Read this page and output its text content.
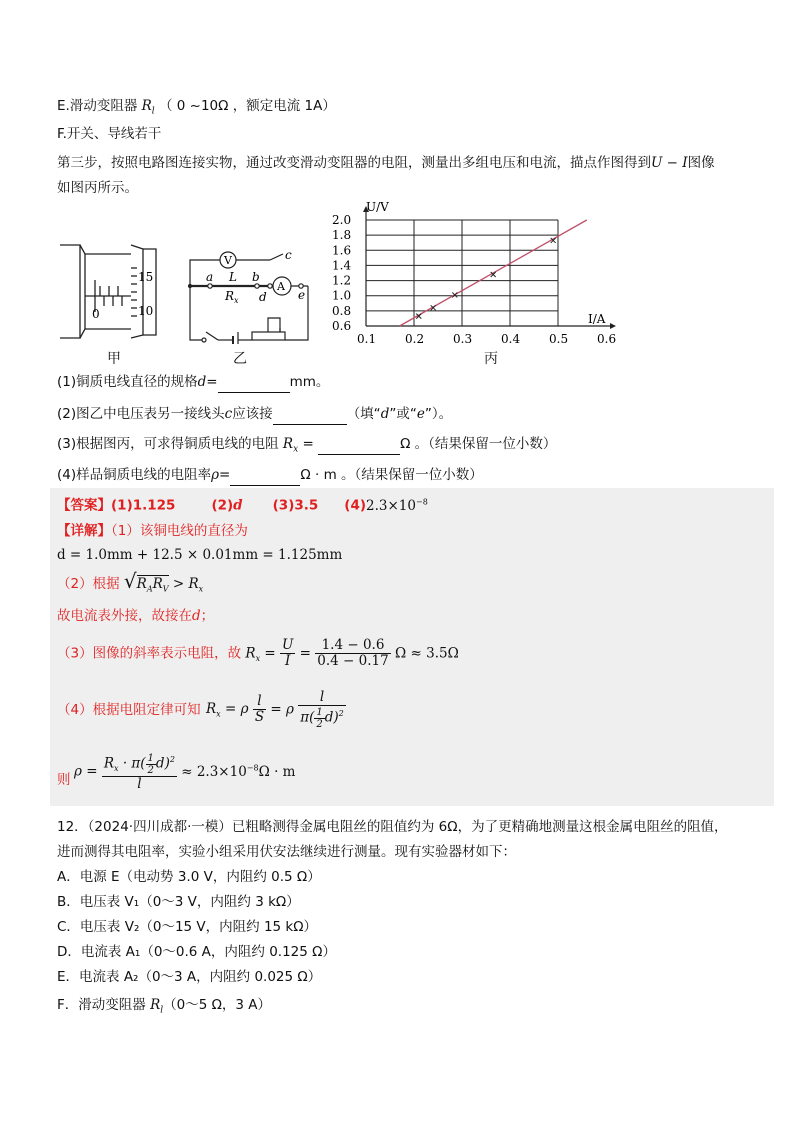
E.滑动变阻器 $R_l$ （ 0 ~10Ω ，额定电流 1A）
F.开关、导线若干
第三步，按照电路图连接实物，通过改变滑动变阻器的电阻，测量出多组电压和电流，描点作图得到U − I图像
如图丙所示。
15
10
0
甲
V
A
c
a L b
$R_x$ d	e
乙
0.1 0.2 0.3 0.4 0.5 0.6
0.6
0.8
1.0
1.2
1.4
1.6
1.8
2.0
U/V
I/A
丙
(1)铜质电线直径的规格d=	mm。
(2)图乙中电压表另一接线头c应该接	（填“d”或“e”）。
(3)根据图丙，可求得铜质电线的电阻 $R_x$ =	Ω 。（结果保留一位小数）
(4)样品铜质电线的电阻率ρ=	Ω · m 。（结果保留一位小数）
【答案】(1)1.125	(2)d (3)3.5 $(4)2.3\times 10^{-8}$
【详解】（1）该铜电线的直径为
d = 1.0mm + 12.5 × 0.01mm = 1.125mm
（2）根据 $√R_AR_V > R_x$
故电流表外接，故接在d；
（3）图像的斜率表示电阻，故 $R_x = \frac{U}{I} = \frac{1.4 - 0.6}{0.4 - 0.17}$ Ω ≈ 3.5Ω
（4）根据电阻定律可知 $R_x = \rho \frac{l}{S} = \rho \frac{l}{\pi( \frac{1}{2} d)^2}$
则
$\rho = \frac{R_x \cdot \pi( \frac{1}{2} d)^2}{l} \approx 2.3\times 10^{-8}\Omega \cdot m$
12．（2024·四川成都·一模）已粗略测得金属电阻丝的阻值约为 6Ω，为了更精确地测量这根金属电阻丝的阻值，
进而测得其电阻率，实验小组采用伏安法继续进行测量。现有实验器材如下：
A．电源 E（电动势 3.0 V，内阻约 0.5 Ω）
B．电压表 V₁（0～3 V，内阻约 3 kΩ）
C．电压表 V₂（0～15 V，内阻约 15 kΩ）
D．电流表 A₁（0～0.6 A，内阻约 0.125 Ω）
E．电流表 A₂（0～3 A，内阻约 0.025 Ω）
F．滑动变阻器 $R_l(0\sim 5$ Ω，3 A）
